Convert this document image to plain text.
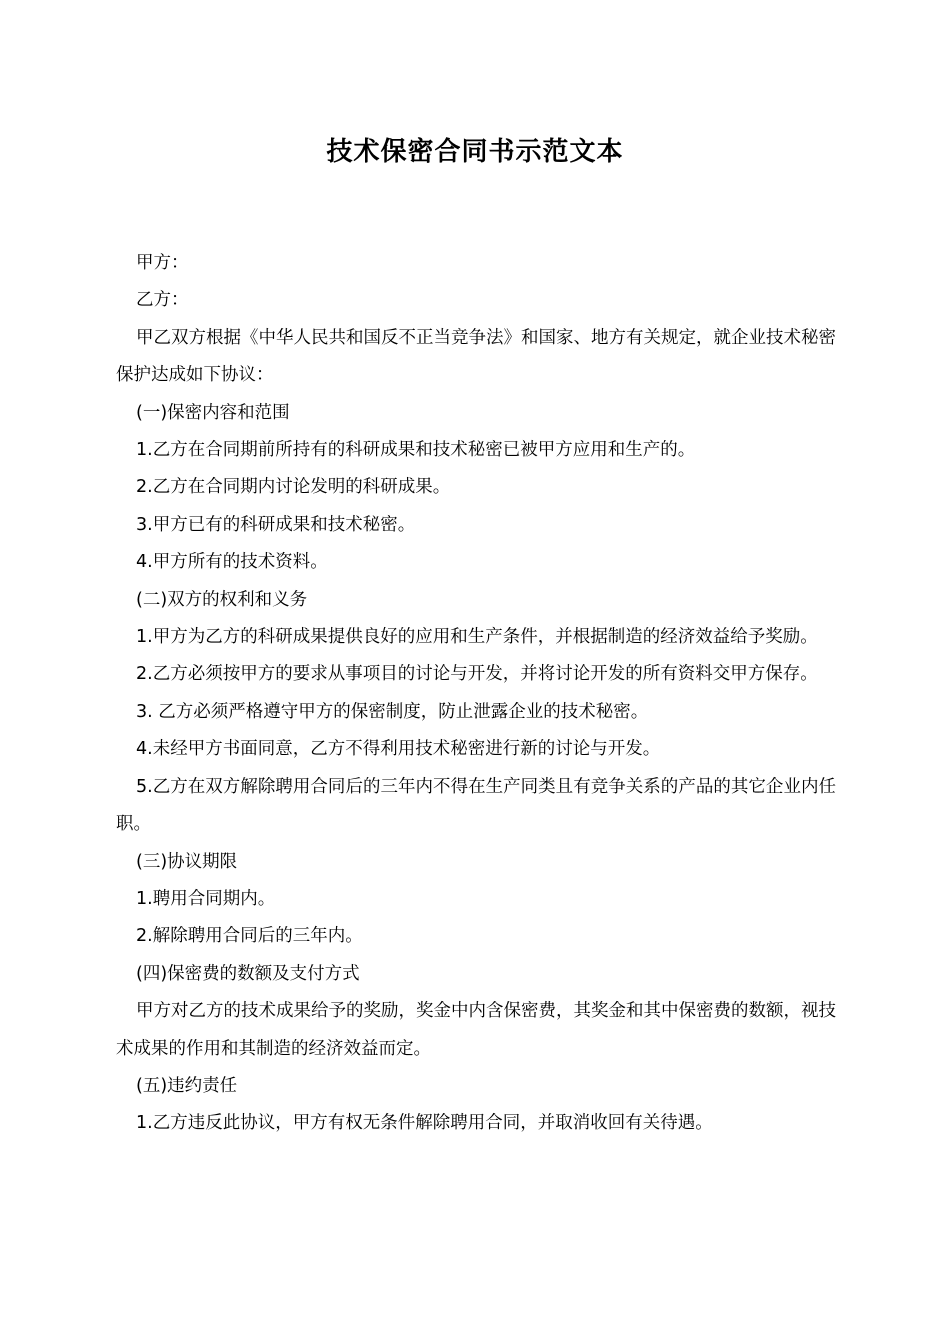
技术保密合同书示范文本

甲方：

乙方：

甲乙双方根据《中华人民共和国反不正当竞争法》和国家、地方有关规定，就企业技术秘密保护达成如下协议：

(一)保密内容和范围

1.乙方在合同期前所持有的科研成果和技术秘密已被甲方应用和生产的。

2.乙方在合同期内讨论发明的科研成果。

3.甲方已有的科研成果和技术秘密。

4.甲方所有的技术资料。

(二)双方的权利和义务

1.甲方为乙方的科研成果提供良好的应用和生产条件，并根据制造的经济效益给予奖励。

2.乙方必须按甲方的要求从事项目的讨论与开发，并将讨论开发的所有资料交甲方保存。

3. 乙方必须严格遵守甲方的保密制度，防止泄露企业的技术秘密。

4.未经甲方书面同意，乙方不得利用技术秘密进行新的讨论与开发。

5.乙方在双方解除聘用合同后的三年内不得在生产同类且有竞争关系的产品的其它企业内任职。

(三)协议期限

1.聘用合同期内。

2.解除聘用合同后的三年内。

(四)保密费的数额及支付方式

甲方对乙方的技术成果给予的奖励，奖金中内含保密费，其奖金和其中保密费的数额，视技术成果的作用和其制造的经济效益而定。

(五)违约责任

1.乙方违反此协议，甲方有权无条件解除聘用合同，并取消收回有关待遇。
